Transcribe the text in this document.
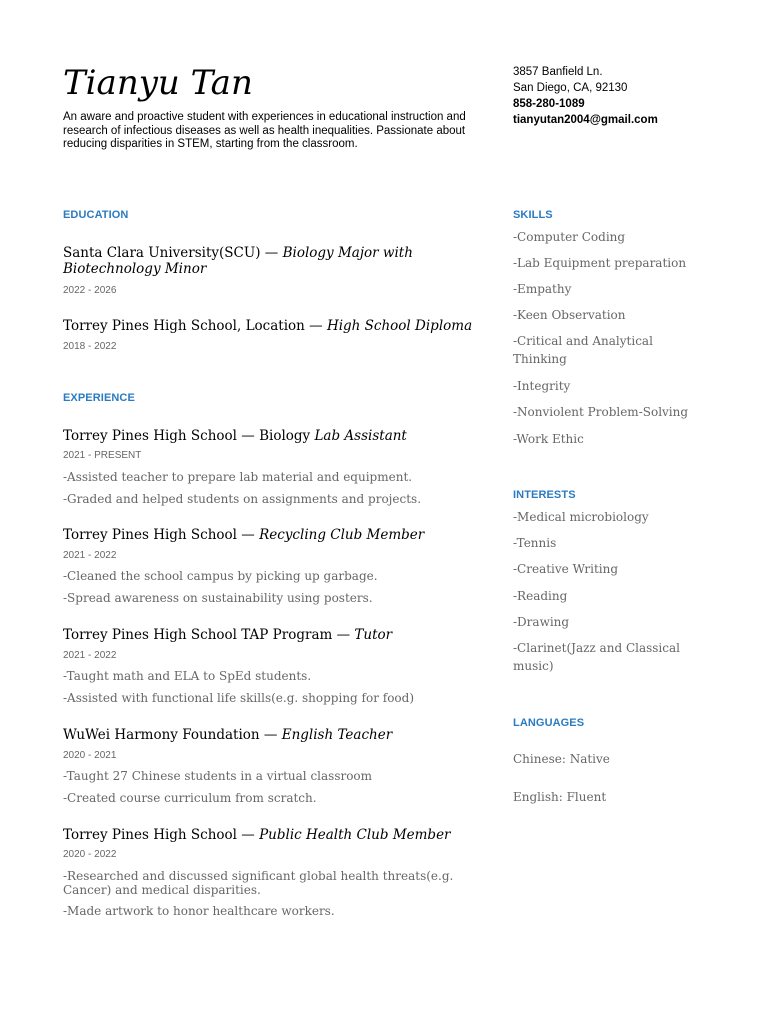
Tianyu Tan
An aware and proactive student with experiences in educational instruction and research of infectious diseases as well as health inequalities. Passionate about reducing disparities in STEM, starting from the classroom.
3857 Banfield Ln.
San Diego, CA, 92130
858-280-1089
tianyutan2004@gmail.com
EDUCATION
Santa Clara University(SCU) — Biology Major with Biotechnology Minor
2022 - 2026
Torrey Pines High School, Location — High School Diploma
2018 - 2022
EXPERIENCE
Torrey Pines High School — Biology Lab Assistant
2021 - PRESENT
-Assisted teacher to prepare lab material and equipment.
-Graded and helped students on assignments and projects.
Torrey Pines High School — Recycling Club Member
2021 - 2022
-Cleaned the school campus by picking up garbage.
-Spread awareness on sustainability using posters.
Torrey Pines High School TAP Program — Tutor
2021 - 2022
-Taught math and ELA to SpEd students.
-Assisted with functional life skills(e.g. shopping for food)
WuWei Harmony Foundation — English Teacher
2020 - 2021
-Taught 27 Chinese students in a virtual classroom
-Created course curriculum from scratch.
Torrey Pines High School — Public Health Club Member
2020 - 2022
-Researched and discussed significant global health threats(e.g. Cancer) and medical disparities.
-Made artwork to honor healthcare workers.
SKILLS
-Computer Coding
-Lab Equipment preparation
-Empathy
-Keen Observation
-Critical and Analytical Thinking
-Integrity
-Nonviolent Problem-Solving
-Work Ethic
INTERESTS
-Medical microbiology
-Tennis
-Creative Writing
-Reading
-Drawing
-Clarinet(Jazz and Classical music)
LANGUAGES
Chinese: Native
English: Fluent
